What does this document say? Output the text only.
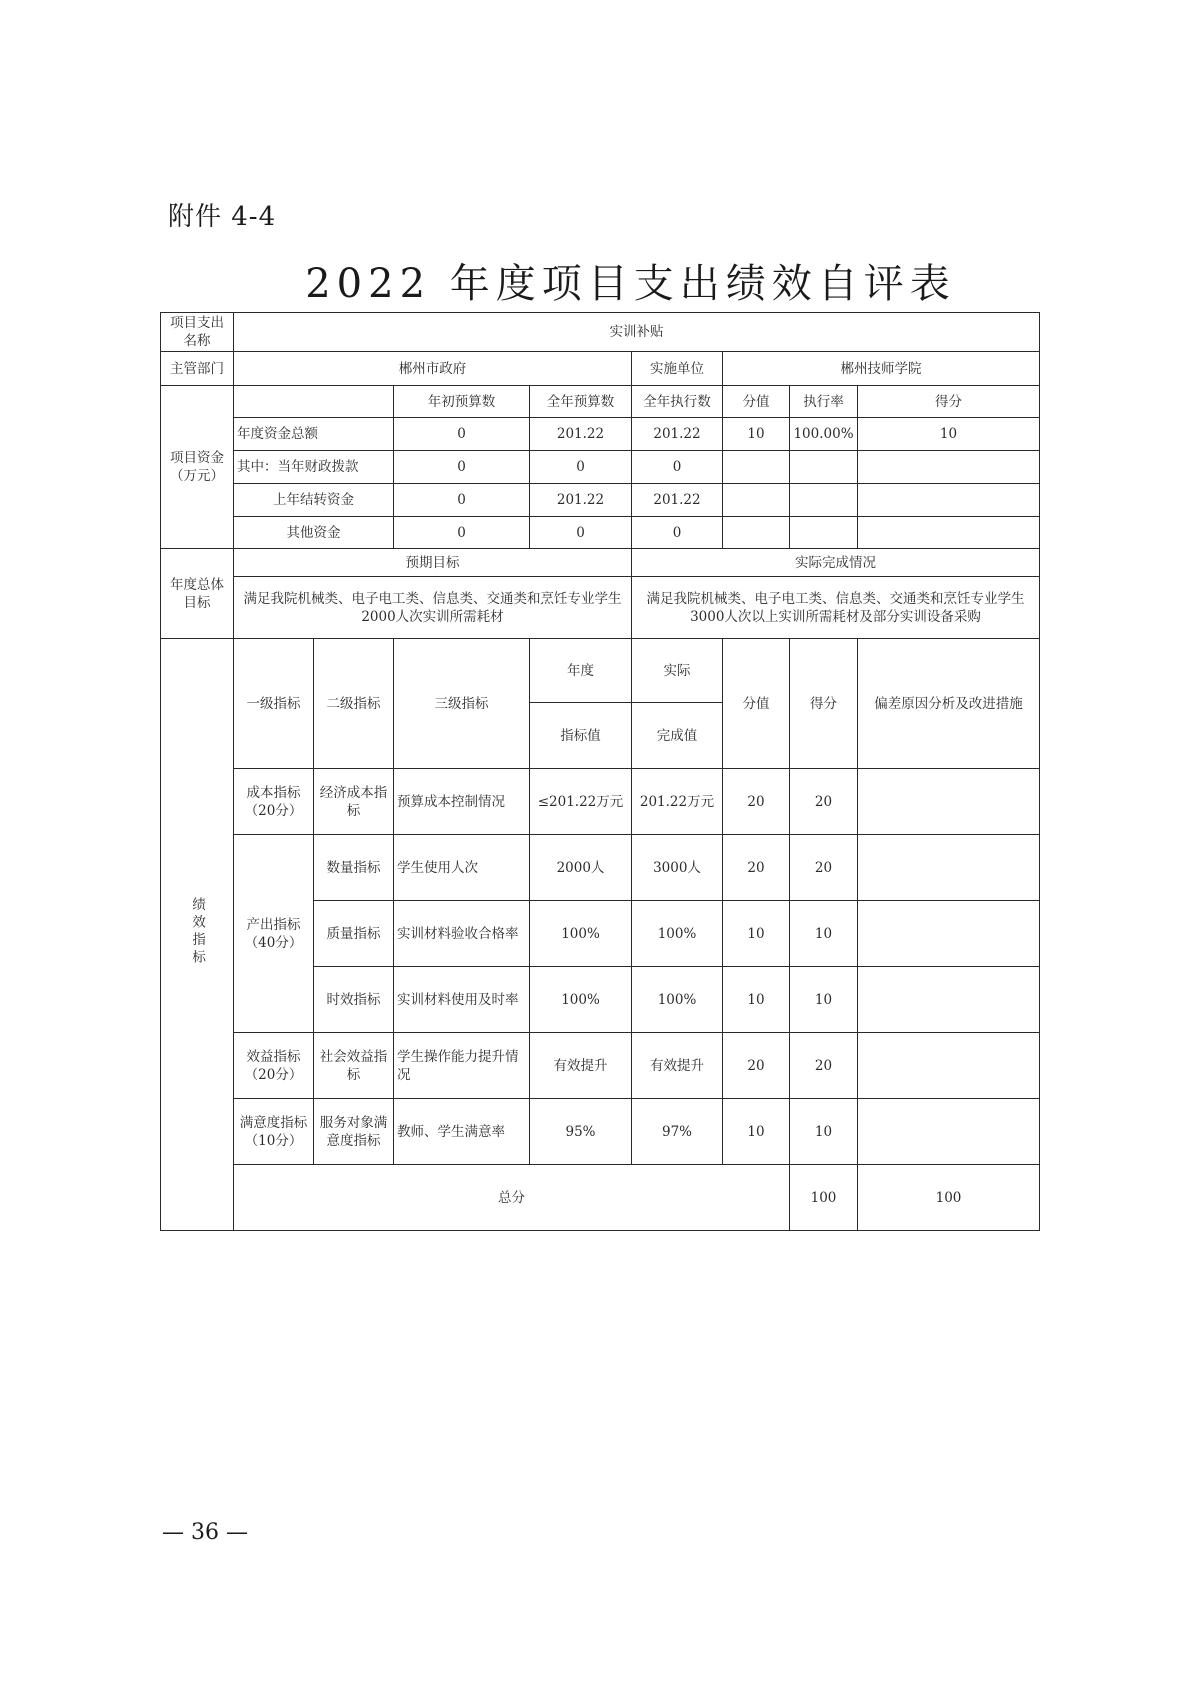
附件 4-4
2022 年度项目支出绩效自评表
项目支出名称	实训补贴								
主管部门	郴州市政府				实施单位	郴州技师学院			
项目资金（万元）			年初预算数	全年预算数	全年执行数	分值	执行率	得分	
	年度资金总额		0	201.22	201.22	10	100.00%	10	
	其中：当年财政拨款		0	0	0				
	上年结转资金		0	201.22	201.22				
	其他资金		0	0	0				
年度总体目标	预期目标				实际完成情况				
	满足我院机械类、电子电工类、信息类、交通类和烹饪专业学生2000人次实训所需耗材				满足我院机械类、电子电工类、信息类、交通类和烹饪专业学生3000人次以上实训所需耗材及部分实训设备采购				
绩效指标	一级指标	二级指标	三级指标	年度	实际	分值	得分	偏差原因分析及改进措施	
				指标值	完成值				
	成本指标（20分）	经济成本指标	预算成本控制情况	≤201.22万元	201.22万元	20	20		
	产出指标（40分）	数量指标	学生使用人次	2000人	3000人	20	20		
		质量指标	实训材料验收合格率	100%	100%	10	10		
		时效指标	实训材料使用及时率	100%	100%	10	10		
	效益指标（20分）	社会效益指标	学生操作能力提升情况	有效提升	有效提升	20	20		
	满意度指标（10分）	服务对象满意度指标	教师、学生满意率	95%	97%	10	10		

	总分						100	100	
— 36 —
